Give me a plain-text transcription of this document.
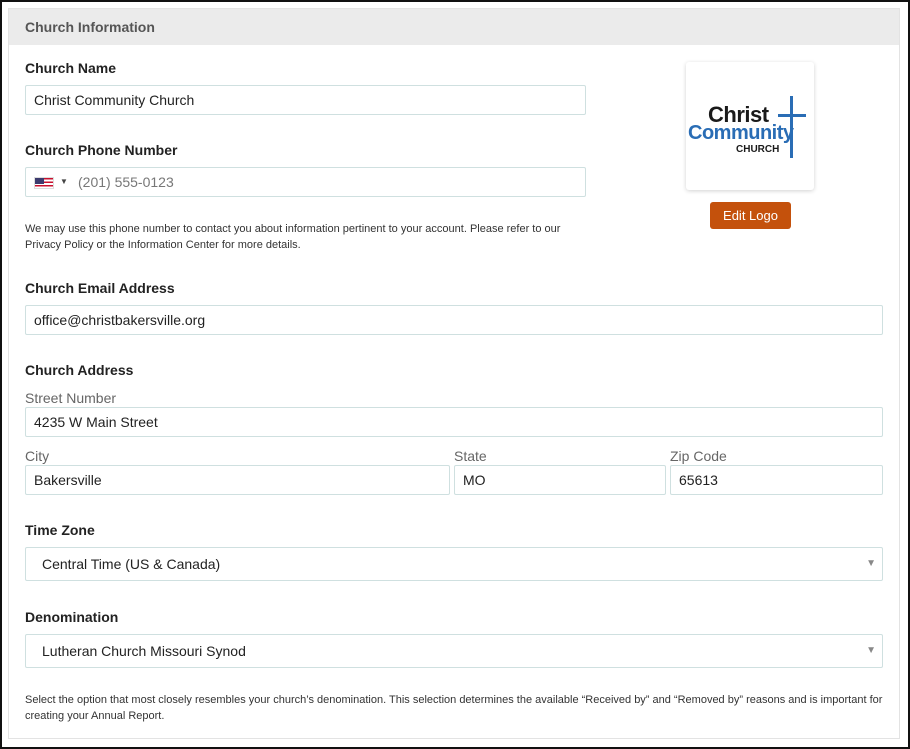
Church Information
Church Name
Christ Community Church
Church Phone Number
▼ (201) 555-0123
We may use this phone number to contact you about information pertinent to your account. Please refer to our Privacy Policy or the Information Center for more details.
Christ
Community
CHURCH
Edit Logo
Church Email Address
office@christbakersville.org
Church Address
Street Number
4235 W Main Street
City
Bakersville
State
MO
Zip Code
65613
Time Zone
Central Time (US & Canada)	▼
Denomination
Lutheran Church Missouri Synod	▼
Select the option that most closely resembles your church’s denomination. This selection determines the available “Received by” and “Removed by” reasons and is important for creating your Annual Report.
